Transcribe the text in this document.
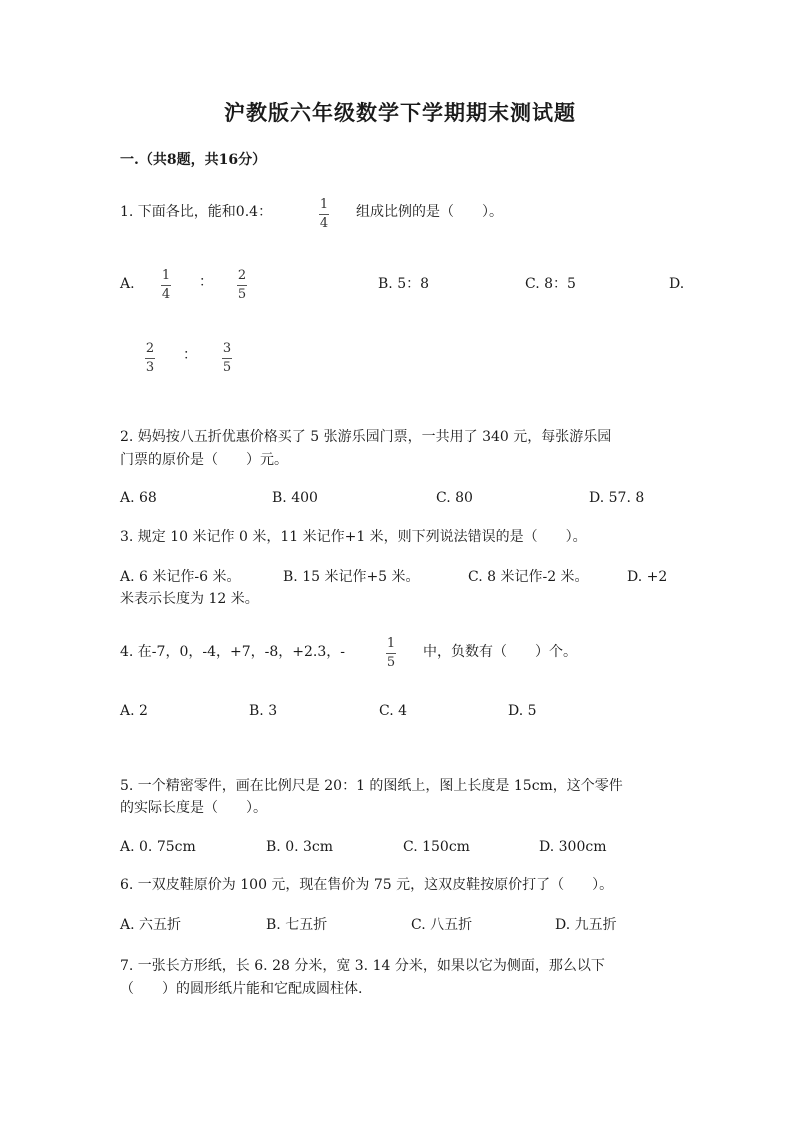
沪教版六年级数学下学期期末测试题
一.（共8题，共16分）
1. 下面各比，能和0.4：	1
4
组成比例的是（　　）。
A.
1
4
： 2
5
B. 5：8	C. 8：5	D.
2
3
： 3
5
2. 妈妈按八五折优惠价格买了 5 张游乐园门票，一共用了 340 元，每张游乐园
门票的原价是（　　）元。
A. 68	B. 400	C. 80	D. 57. 8
3. 规定 10 米记作 0 米，11 米记作+1 米，则下列说法错误的是（　　）。
A. 6 米记作-6 米。	B. 15 米记作+5 米。	C. 8 米记作-2 米。	D. +2
米表示长度为 12 米。
4. 在-7，0，-4，+7，-8，+2.3，-
1
5
中，负数有（　　）个。
A. 2	B. 3	C. 4	D. 5
5. 一个精密零件，画在比例尺是 20：1 的图纸上，图上长度是 15cm，这个零件
的实际长度是（　　）。
A. 0. 75cm	B. 0. 3cm	C. 150cm	D. 300cm
6. 一双皮鞋原价为 100 元，现在售价为 75 元，这双皮鞋按原价打了（　　）。
A. 六五折	B. 七五折	C. 八五折	D. 九五折
7. 一张长方形纸，长 6. 28 分米，宽 3. 14 分米，如果以它为侧面，那么以下
（　　）的圆形纸片能和它配成圆柱体.
